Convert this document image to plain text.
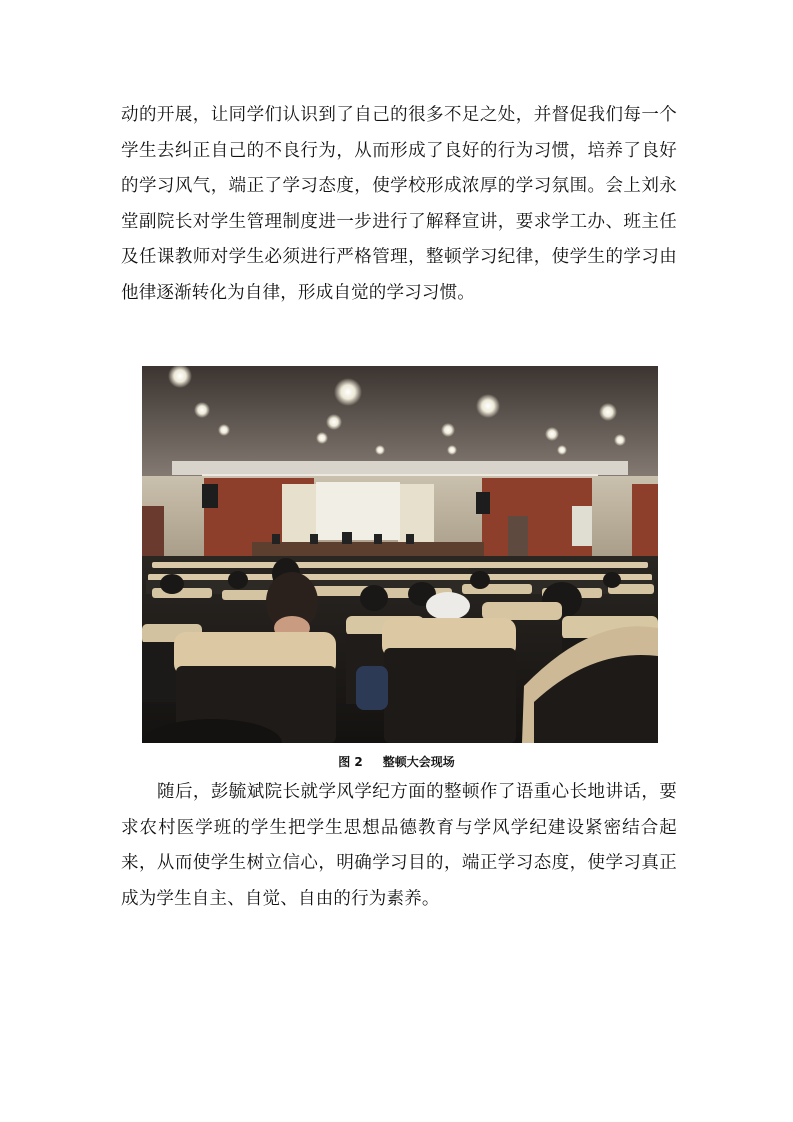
动的开展，让同学们认识到了自己的很多不足之处，并督促我们每一个学生去纠正自己的不良行为，从而形成了良好的行为习惯，培养了良好的学习风气，端正了学习态度，使学校形成浓厚的学习氛围。会上刘永堂副院长对学生管理制度进一步进行了解释宣讲，要求学工办、班主任及任课教师对学生必须进行严格管理，整顿学习纪律，使学生的学习由他律逐渐转化为自律，形成自觉的学习习惯。

图 2 整顿大会现场

随后，彭毓斌院长就学风学纪方面的整顿作了语重心长地讲话，要求农村医学班的学生把学生思想品德教育与学风学纪建设紧密结合起来，从而使学生树立信心，明确学习目的，端正学习态度，使学习真正成为学生自主、自觉、自由的行为素养。
